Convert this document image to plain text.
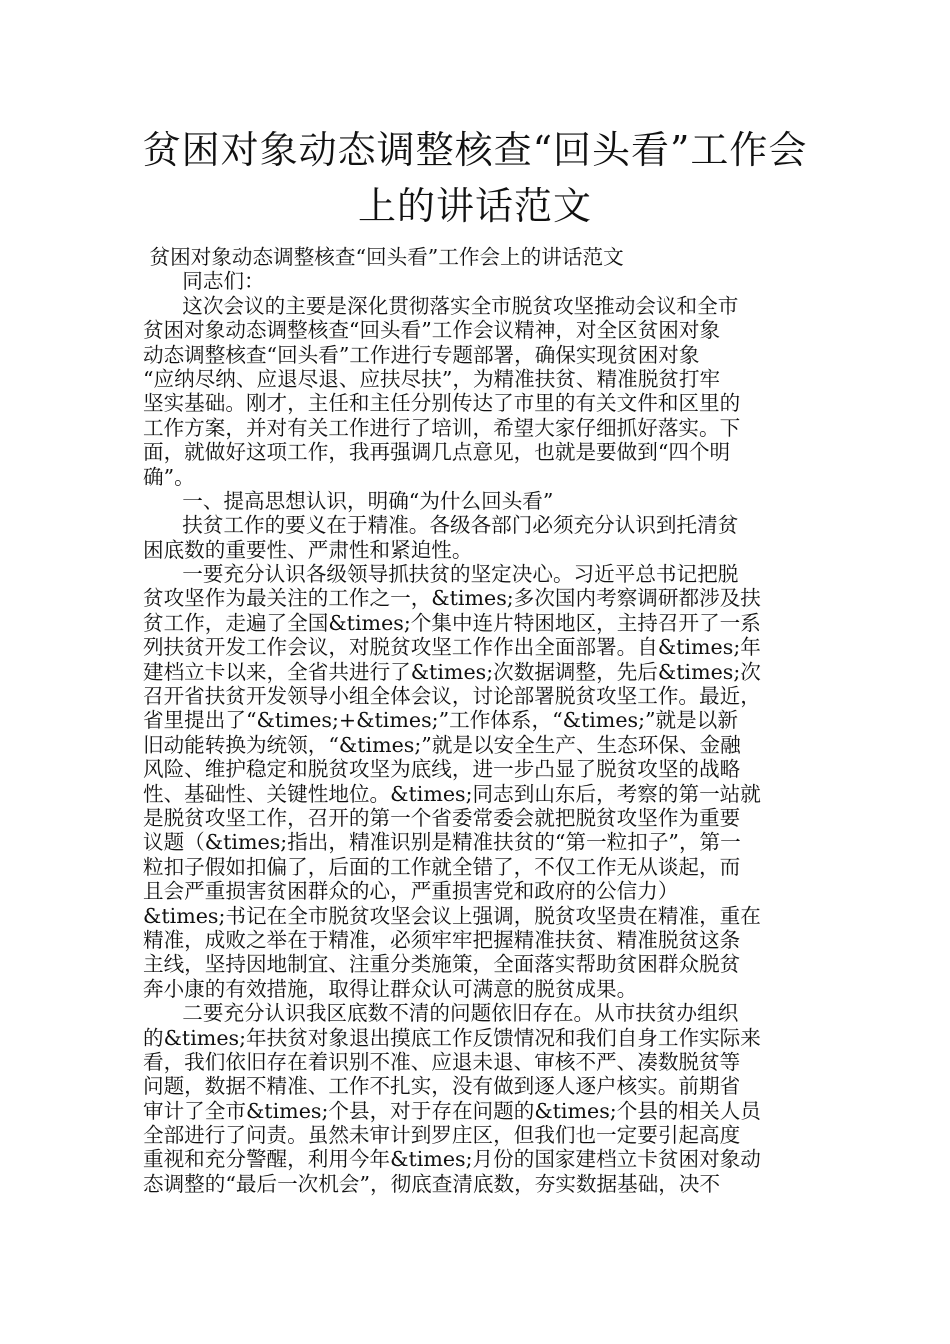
贫困对象动态调整核查“回头看”工作会
上的讲话范文
贫困对象动态调整核查“回头看”工作会上的讲话范文
同志们：
这次会议的主要是深化贯彻落实全市脱贫攻坚推动会议和全市
贫困对象动态调整核查“回头看”工作会议精神，对全区贫困对象
动态调整核查“回头看”工作进行专题部署，确保实现贫困对象
“应纳尽纳、应退尽退、应扶尽扶”，为精准扶贫、精准脱贫打牢
坚实基础。刚才，主任和主任分别传达了市里的有关文件和区里的
工作方案，并对有关工作进行了培训，希望大家仔细抓好落实。下
面，就做好这项工作，我再强调几点意见，也就是要做到“四个明
确”。
一、提高思想认识，明确“为什么回头看”
扶贫工作的要义在于精准。各级各部门必须充分认识到托清贫
困底数的重要性、严肃性和紧迫性。
一要充分认识各级领导抓扶贫的坚定决心。习近平总书记把脱
贫攻坚作为最关注的工作之一，&times;多次国内考察调研都涉及扶
贫工作，走遍了全国&times;个集中连片特困地区，主持召开了一系
列扶贫开发工作会议，对脱贫攻坚工作作出全面部署。自&times;年
建档立卡以来，全省共进行了&times;次数据调整，先后&times;次
召开省扶贫开发领导小组全体会议，讨论部署脱贫攻坚工作。最近，
省里提出了“&times;+&times;”工作体系，“&times;”就是以新
旧动能转换为统领，“&times;”就是以安全生产、生态环保、金融
风险、维护稳定和脱贫攻坚为底线，进一步凸显了脱贫攻坚的战略
性、基础性、关键性地位。&times;同志到山东后，考察的第一站就
是脱贫攻坚工作，召开的第一个省委常委会就把脱贫攻坚作为重要
议题（&times;指出，精准识别是精准扶贫的“第一粒扣子”，第一
粒扣子假如扣偏了，后面的工作就全错了，不仅工作无从谈起，而
且会严重损害贫困群众的心，严重损害党和政府的公信力）
&times;书记在全市脱贫攻坚会议上强调，脱贫攻坚贵在精准，重在
精准，成败之举在于精准，必须牢牢把握精准扶贫、精准脱贫这条
主线，坚持因地制宜、注重分类施策，全面落实帮助贫困群众脱贫
奔小康的有效措施，取得让群众认可满意的脱贫成果。
二要充分认识我区底数不清的问题依旧存在。从市扶贫办组织
的&times;年扶贫对象退出摸底工作反馈情况和我们自身工作实际来
看，我们依旧存在着识别不准、应退未退、审核不严、凑数脱贫等
问题，数据不精准、工作不扎实，没有做到逐人逐户核实。前期省
审计了全市&times;个县，对于存在问题的&times;个县的相关人员
全部进行了问责。虽然未审计到罗庄区，但我们也一定要引起高度
重视和充分警醒，利用今年&times;月份的国家建档立卡贫困对象动
态调整的“最后一次机会”，彻底查清底数，夯实数据基础，决不
